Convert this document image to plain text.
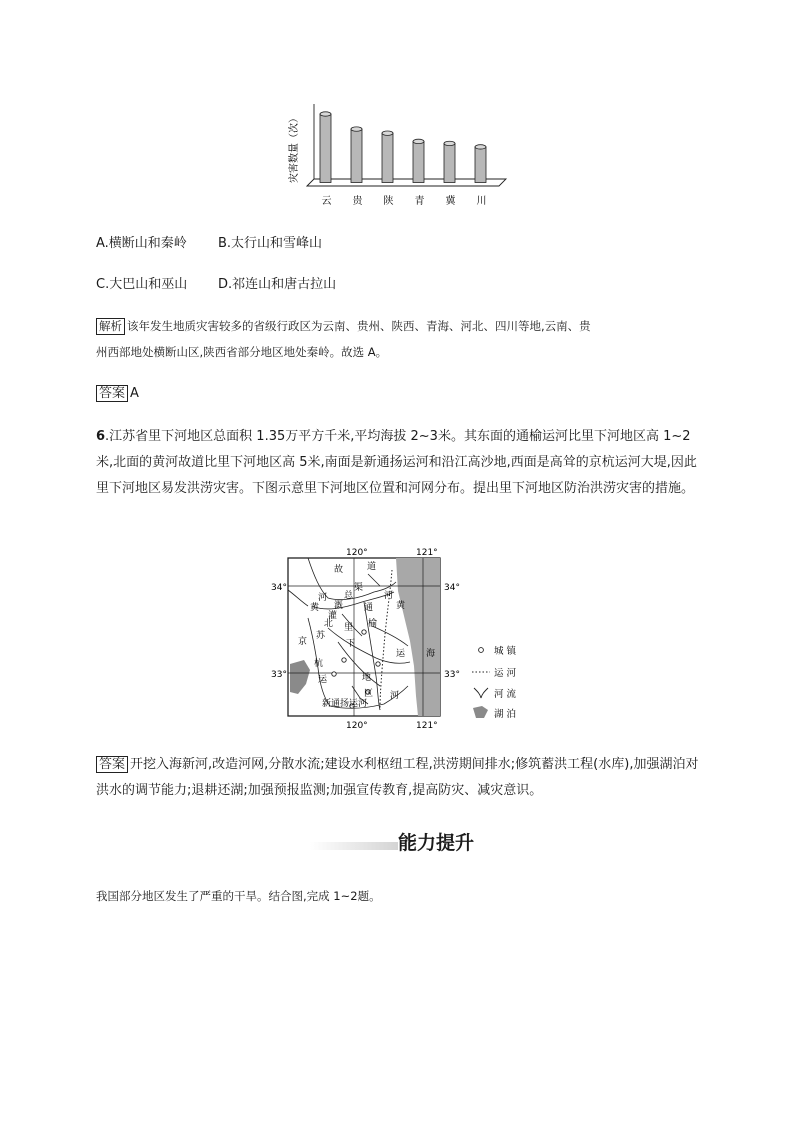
灾害数量（次）
云 贵 陕 青 冀 川
A.横断山和秦岭 B.太行山和雪峰山
C.大巴山和巫山 D.祁连山和唐古拉山
解析 该年发生地质灾害较多的省级行政区为云南、贵州、陕西、青海、河北、四川等地,云南、贵
州西部地处横断山区,陕西省部分地区地处秦岭。故选 A。
答案 A
6.江苏省里下河地区总面积 1.35万平方千米,平均海拔 2~3米。其东面的通榆运河比里下河地区高 1~2米,北面的黄河故道比里下河地区高 5米,南面是新通扬运河和沿江高沙地,西面是高耸的京杭运河大堤,因此里下河地区易发洪涝灾害。下图示意里下河地区位置和河网分布。提出里下河地区防治洪涝灾害的措施。
120°	121°
120°	121°
34°	34°
33°	33°
故	道
黄
河
苏
北
灌
溉
总
渠
里
下
通
榆
河
运
京
杭
运	地
区 河
新通扬运河
黄
海	城 镇
运 河
河 流
湖 泊
答案 开挖入海新河,改造河网,分散水流;建设水利枢纽工程,洪涝期间排水;修筑蓄洪工程(水库),加强湖泊对洪水的调节能力;退耕还湖;加强预报监测;加强宣传教育,提高防灾、减灾意识。
能力提升
我国部分地区发生了严重的干旱。结合图,完成 1~2题。
